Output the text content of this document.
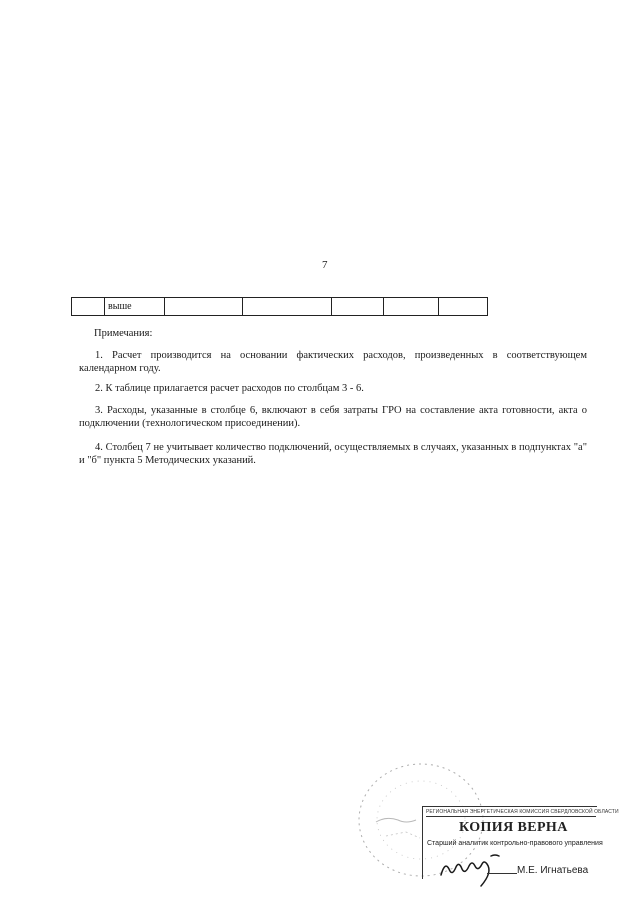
7
	выше					
Примечания:

1. Расчет производится на основании фактических расходов, произведенных в соответствующем календарном году.

2. К таблице прилагается расчет расходов по столбцам 3 - 6.

3. Расходы, указанные в столбце 6, включают в себя затраты ГРО на составление акта готовности, акта о подключении (технологическом присоединении).

4. Столбец 7 не учитывает количество подключений, осуществляемых в случаях, указанных в подпунктах "а" и "б" пункта 5 Методических указаний.

РЕГИОНАЛЬНАЯ ЭНЕРГЕТИЧЕСКАЯ КОМИССИЯ СВЕРДЛОВСКОЙ ОБЛАСТИ
КОПИЯ ВЕРНА
Старший аналитик контрольно-правового управления
М.Е. Игнатьева
